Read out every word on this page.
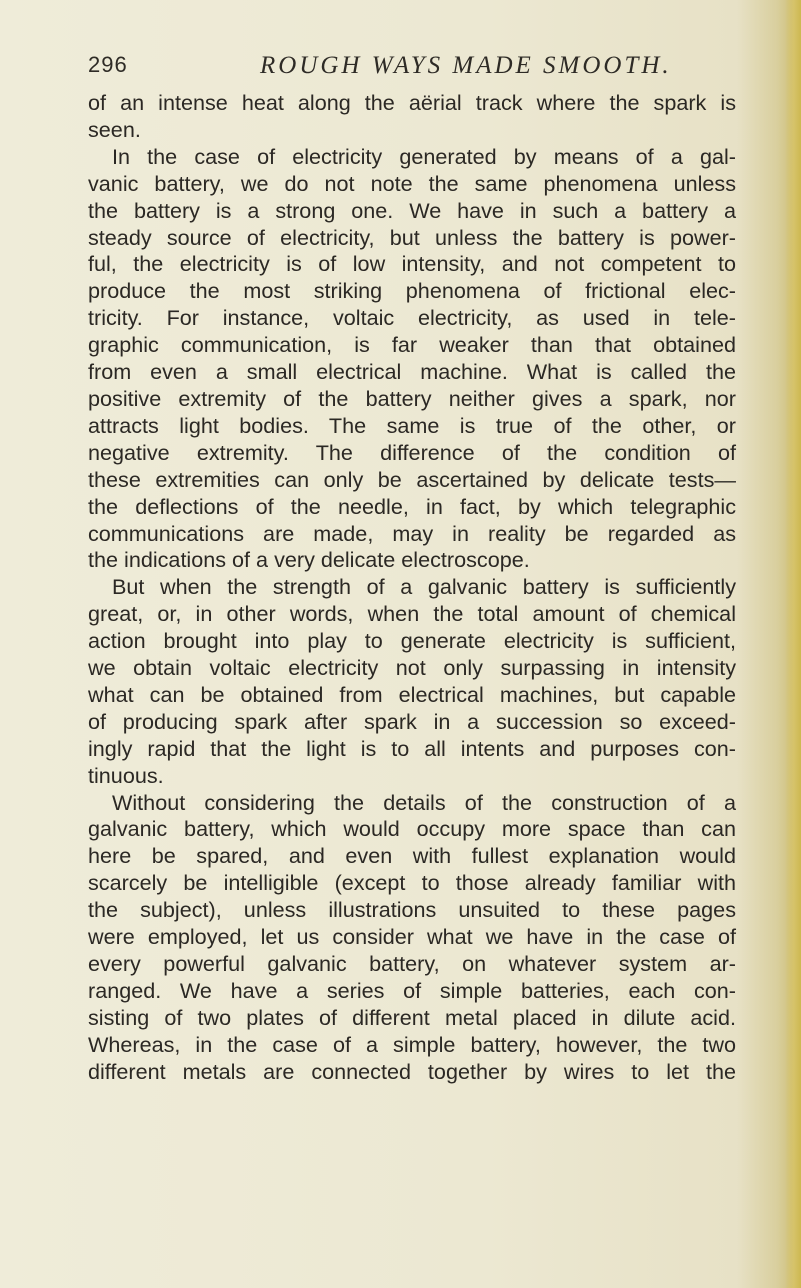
296	ROUGH WAYS MADE SMOOTH.
of an intense heat along the aërial track where the spark is
seen.
In the case of electricity generated by means of a gal-
vanic battery, we do not note the same phenomena unless
the battery is a strong one. We have in such a battery a
steady source of electricity, but unless the battery is power-
ful, the electricity is of low intensity, and not competent to
produce the most striking phenomena of frictional elec-
tricity. For instance, voltaic electricity, as used in tele-
graphic communication, is far weaker than that obtained
from even a small electrical machine. What is called the
positive extremity of the battery neither gives a spark, nor
attracts light bodies. The same is true of the other, or
negative extremity. The difference of the condition of
these extremities can only be ascertained by delicate tests—
the deflections of the needle, in fact, by which telegraphic
communications are made, may in reality be regarded as
the indications of a very delicate electroscope.
But when the strength of a galvanic battery is sufficiently
great, or, in other words, when the total amount of chemical
action brought into play to generate electricity is sufficient,
we obtain voltaic electricity not only surpassing in intensity
what can be obtained from electrical machines, but capable
of producing spark after spark in a succession so exceed-
ingly rapid that the light is to all intents and purposes con-
tinuous.
Without considering the details of the construction of a
galvanic battery, which would occupy more space than can
here be spared, and even with fullest explanation would
scarcely be intelligible (except to those already familiar with
the subject), unless illustrations unsuited to these pages
were employed, let us consider what we have in the case of
every powerful galvanic battery, on whatever system ar-
ranged. We have a series of simple batteries, each con-
sisting of two plates of different metal placed in dilute acid.
Whereas, in the case of a simple battery, however, the two
different metals are connected together by wires to let the
